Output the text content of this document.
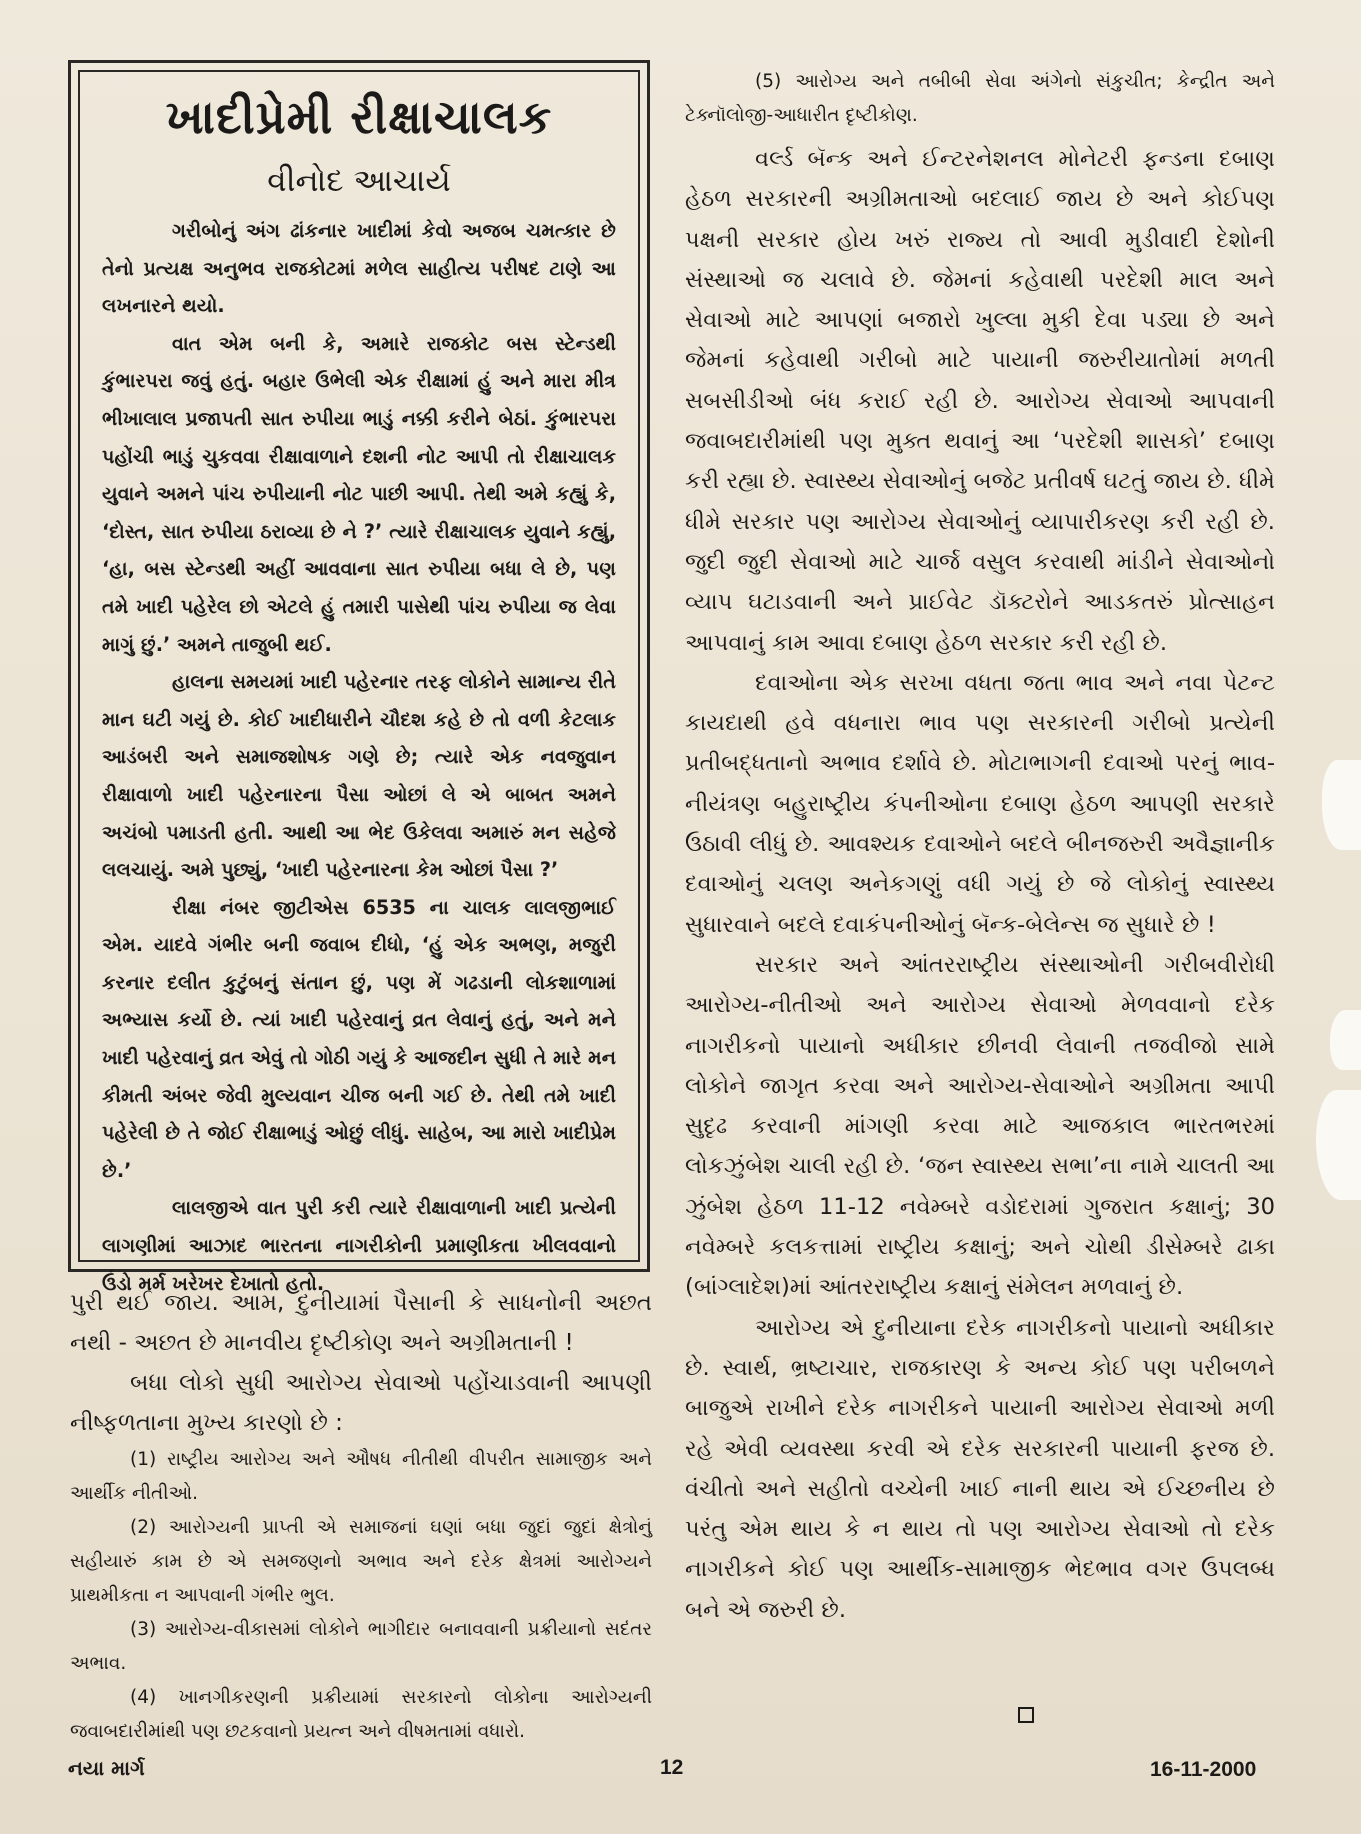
ખાદીપ્રેમી રીક્ષાચાલક
વીનોદ આચાર્ય

ગરીબોનું અંગ ઢાંકનાર ખાદીમાં કેવો અજબ ચમત્કાર છે તેનો પ્રત્યક્ષ અનુભવ રાજકોટમાં મળેલ સાહીત્ય પરીષદ ટાણે આ લખનારને થયો.

વાત એમ બની કે, અમારે રાજકોટ બસ સ્ટેન્ડથી કુંભારપરા જવું હતું. બહાર ઉભેલી એક રીક્ષામાં હું અને મારા મીત્ર ભીખાલાલ પ્રજાપતી સાત રુપીયા ભાડું નક્કી કરીને બેઠાં. કુંભારપરા પહોંચી ભાડું ચુકવવા રીક્ષાવાળાને દશની નોટ આપી તો રીક્ષાચાલક યુવાને અમને પાંચ રુપીયાની નોટ પાછી આપી. તેથી અમે કહ્યું કે, ‘દોસ્ત, સાત રુપીયા ઠરાવ્યા છે ને ?’ ત્યારે રીક્ષાચાલક યુવાને કહ્યું, ‘હા, બસ સ્ટેન્ડથી અહીં આવવાના સાત રુપીયા બધા લે છે, પણ તમે ખાદી પહેરેલ છો એટલે હું તમારી પાસેથી પાંચ રુપીયા જ લેવા માગું છું.’ અમને તાજુબી થઈ.

હાલના સમયમાં ખાદી પહેરનાર તરફ લોકોને સામાન્ય રીતે માન ઘટી ગયું છે. કોઈ ખાદીધારીને ચૌદશ કહે છે તો વળી કેટલાક આડંબરી અને સમાજશોષક ગણે છે; ત્યારે એક નવજુવાન રીક્ષાવાળો ખાદી પહેરનારના પૈસા ઓછાં લે એ બાબત અમને અચંબો પમાડતી હતી. આથી આ ભેદ ઉકેલવા અમારું મન સહેજે લલચાયું. અમે પુછ્યું, ‘ખાદી પહેરનારના કેમ ઓછાં પૈસા ?’

રીક્ષા નંબર જીટીએસ 6535 ના ચાલક લાલજીભાઈ એમ. યાદવે ગંભીર બની જવાબ દીધો, ‘હું એક અભણ, મજુરી કરનાર દલીત કુટુંબનું સંતાન છું, પણ મેં ગઢડાની લોકશાળામાં અભ્યાસ કર્યો છે. ત્યાં ખાદી પહેરવાનું વ્રત લેવાનું હતું, અને મને ખાદી પહેરવાનું વ્રત એવું તો ગોઠી ગયું કે આજદીન સુધી તે મારે મન કીમતી અંબર જેવી મુલ્યવાન ચીજ બની ગઈ છે. તેથી તમે ખાદી પહેરેલી છે તે જોઈ રીક્ષાભાડું ઓછું લીધું. સાહેબ, આ મારો ખાદીપ્રેમ છે.’

લાલજીએ વાત પુરી કરી ત્યારે રીક્ષાવાળાની ખાદી પ્રત્યેની લાગણીમાં આઝાદ ભારતના નાગરીકોની પ્રમાણીકતા ખીલવવાનો ઉંડો મર્મ ખરેખર દેખાતો હતો.

પુરી થઈ જાય. આમ, દુનીયામાં પૈસાની કે સાધનોની અછત નથી - અછત છે માનવીય દૃષ્ટીકોણ અને અગ્રીમતાની !

બધા લોકો સુધી આરોગ્ય સેવાઓ પહોંચાડવાની આપણી નીષ્ફળતાના મુખ્ય કારણો છે :

(1) રાષ્ટ્રીય આરોગ્ય અને ઔષધ નીતીથી વીપરીત સામાજીક અને આર્થીક નીતીઓ.

(2) આરોગ્યની પ્રાપ્તી એ સમાજનાં ઘણાં બધા જુદાં જુદાં ક્ષેત્રોનું સહીયારું કામ છે એ સમજણનો અભાવ અને દરેક ક્ષેત્રમાં આરોગ્યને પ્રાથમીકતા ન આપવાની ગંભીર ભુલ.

(3) આરોગ્ય-વીકાસમાં લોકોને ભાગીદાર બનાવવાની પ્રક્રીયાનો સદંતર અભાવ.

(4) ખાનગીકરણની પ્રક્રીયામાં સરકારનો લોકોના આરોગ્યની જવાબદારીમાંથી પણ છટકવાનો પ્રયત્ન અને વીષમતામાં વધારો.

(5) આરોગ્ય અને તબીબી સેવા અંગેનો સંકુચીત; કેન્દ્રીત અને ટેક્નૉલોજી-આધારીત દૃષ્ટીકોણ.

વર્લ્ડ બૅન્ક અને ઈન્ટરનેશનલ મોનેટરી ફન્ડના દબાણ હેઠળ સરકારની અગ્રીમતાઓ બદલાઈ જાય છે અને કોઈપણ પક્ષની સરકાર હોય ખરું રાજ્ય તો આવી મુડીવાદી દેશોની સંસ્થાઓ જ ચલાવે છે. જેમનાં કહેવાથી પરદેશી માલ અને સેવાઓ માટે આપણાં બજારો ખુલ્લા મુકી દેવા પડ્યા છે અને જેમનાં કહેવાથી ગરીબો માટે પાયાની જરુરીયાતોમાં મળતી સબસીડીઓ બંધ કરાઈ રહી છે. આરોગ્ય સેવાઓ આપવાની જવાબદારીમાંથી પણ મુક્ત થવાનું આ ‘પરદેશી શાસકો’ દબાણ કરી રહ્યા છે. સ્વાસ્થ્ય સેવાઓનું બજેટ પ્રતીવર્ષ ઘટતું જાય છે. ધીમે ધીમે સરકાર પણ આરોગ્ય સેવાઓનું વ્યાપારીકરણ કરી રહી છે. જુદી જુદી સેવાઓ માટે ચાર્જ વસુલ કરવાથી માંડીને સેવાઓનો વ્યાપ ઘટાડવાની અને પ્રાઈવેટ ડૉક્ટરોને આડકતરું પ્રોત્સાહન આપવાનું કામ આવા દબાણ હેઠળ સરકાર કરી રહી છે.

દવાઓના એક સરખા વધતા જતા ભાવ અને નવા પેટન્ટ કાયદાથી હવે વધનારા ભાવ પણ સરકારની ગરીબો પ્રત્યેની પ્રતીબદ્ધતાનો અભાવ દર્શાવે છે. મોટાભાગની દવાઓ પરનું ભાવ-નીયંત્રણ બહુરાષ્ટ્રીય કંપનીઓના દબાણ હેઠળ આપણી સરકારે ઉઠાવી લીધું છે. આવશ્યક દવાઓને બદલે બીનજરુરી અવૈજ્ઞાનીક દવાઓનું ચલણ અનેકગણું વધી ગયું છે જે લોકોનું સ્વાસ્થ્ય સુધારવાને બદલે દવાકંપનીઓનું બૅન્ક-બેલેન્સ જ સુધારે છે !

સરકાર અને આંતરરાષ્ટ્રીય સંસ્થાઓની ગરીબવીરોધી આરોગ્ય-નીતીઓ અને આરોગ્ય સેવાઓ મેળવવાનો દરેક નાગરીકનો પાયાનો અધીકાર છીનવી લેવાની તજવીજો સામે લોકોને જાગૃત કરવા અને આરોગ્ય-સેવાઓને અગ્રીમતા આપી સુદૃઢ કરવાની માંગણી કરવા માટે આજકાલ ભારતભરમાં લોકઝુંબેશ ચાલી રહી છે. ‘જન સ્વાસ્થ્ય સભા’ના નામે ચાલતી આ ઝુંબેશ હેઠળ 11-12 નવેમ્બરે વડોદરામાં ગુજરાત કક્ષાનું; 30 નવેમ્બરે કલકત્તામાં રાષ્ટ્રીય કક્ષાનું; અને ચોથી ડીસેમ્બરે ઢાકા (બાંગ્લાદેશ)માં આંતરરાષ્ટ્રીય કક્ષાનું સંમેલન મળવાનું છે.

આરોગ્ય એ દુનીયાના દરેક નાગરીકનો પાયાનો અધીકાર છે. સ્વાર્થ, ભ્રષ્ટાચાર, રાજકારણ કે અન્ય કોઈ પણ પરીબળને બાજુએ રાખીને દરેક નાગરીકને પાયાની આરોગ્ય સેવાઓ મળી રહે એવી વ્યવસ્થા કરવી એ દરેક સરકારની પાયાની ફરજ છે. વંચીતો અને સહીતો વચ્ચેની ખાઈ નાની થાય એ ઈચ્છનીય છે પરંતુ એમ થાય કે ન થાય તો પણ આરોગ્ય સેવાઓ તો દરેક નાગરીકને કોઈ પણ આર્થીક-સામાજીક ભેદભાવ વગર ઉપલબ્ધ બને એ જરુરી છે.

નયા માર્ગ	12	16-11-2000
